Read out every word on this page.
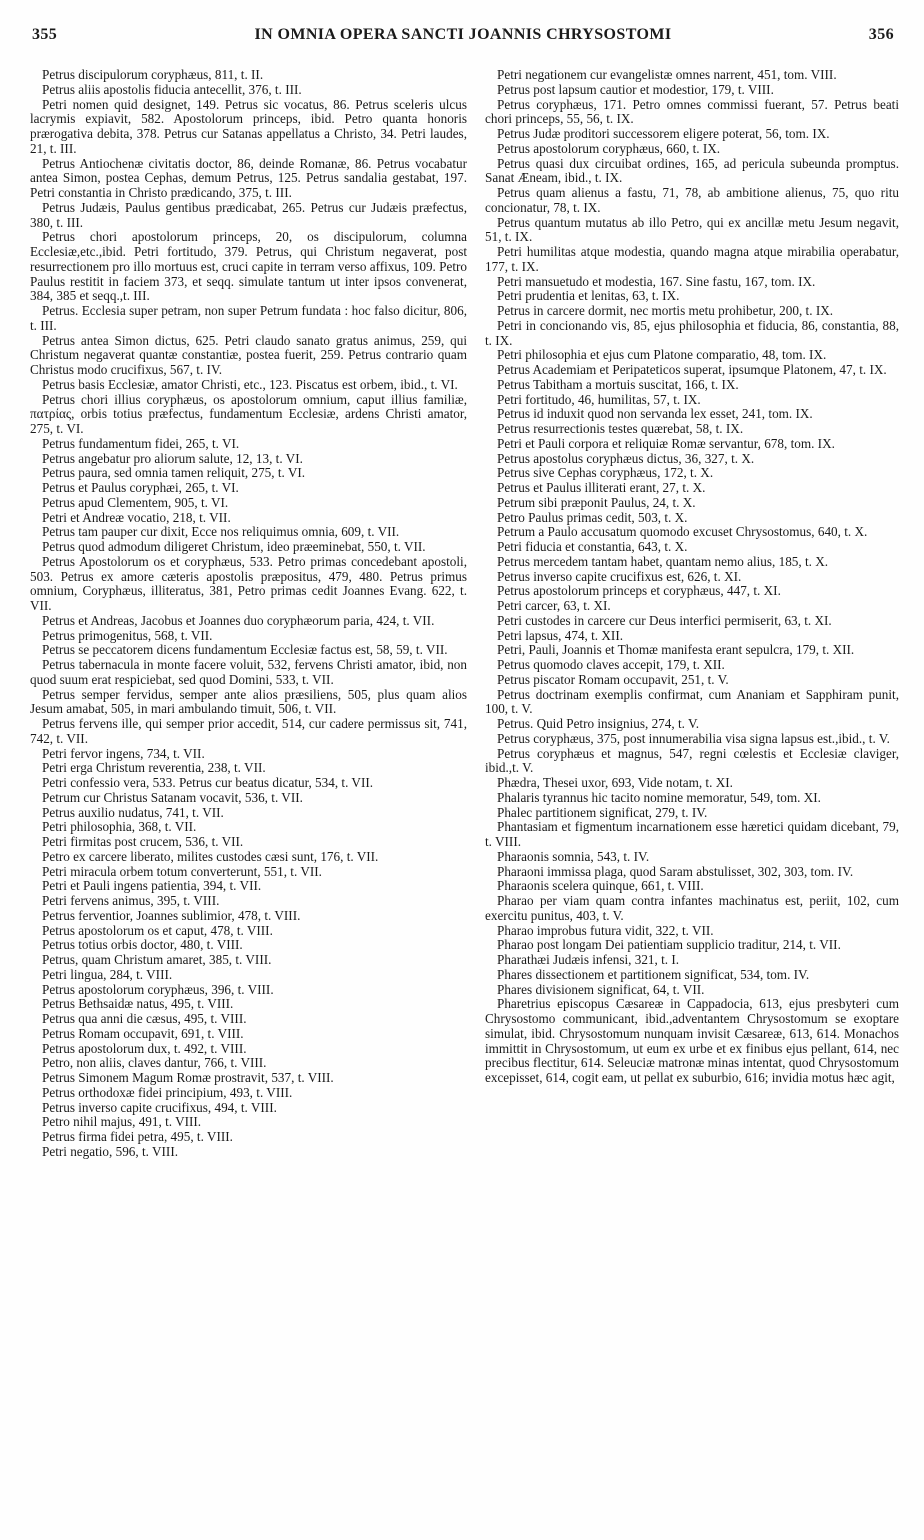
355	IN OMNIA OPERA SANCTI JOANNIS CHRYSOSTOMI	356

Petrus discipulorum coryphæus, 811, t. II.

Petrus aliis apostolis fiducia antecellit, 376, t. III.

Petri nomen quid designet, 149. Petrus sic vocatus, 86. Petrus sceleris ulcus lacrymis expiavit, 582. Apostolorum princeps, ibid. Petro quanta honoris prærogativa debita, 378. Petrus cur Satanas appellatus a Christo, 34. Petri laudes, 21, t. III.

Petrus Antiochenæ civitatis doctor, 86, deinde Romanæ, 86. Petrus vocabatur antea Simon, postea Cephas, demum Petrus, 125. Petrus sandalia gestabat, 197. Petri constantia in Christo prædicando, 375, t. III.

Petrus Judæis, Paulus gentibus prædicabat, 265. Petrus cur Judæis præfectus, 380, t. III.

Petrus chori apostolorum princeps, 20, os discipulorum, columna Ecclesiæ,etc.,ibid. Petri fortitudo, 379. Petrus, qui Christum negaverat, post resurrectionem pro illo mortuus est, cruci capite in terram verso affixus, 109. Petro Paulus restitit in faciem 373, et seqq. simulate tantum ut inter ipsos convenerat, 384, 385 et seqq.,t. III.

Petrus. Ecclesia super petram, non super Petrum fundata : hoc falso dicitur, 806, t. III.

Petrus antea Simon dictus, 625. Petri claudo sanato gratus animus, 259, qui Christum negaverat quantæ constantiæ, postea fuerit, 259. Petrus contrario quam Christus modo crucifixus, 567, t. IV.

Petrus basis Ecclesiæ, amator Christi, etc., 123. Piscatus est orbem, ibid., t. VI.

Petrus chori illius coryphæus, os apostolorum omnium, caput illius familiæ, πατρίας, orbis totius præfectus, fundamentum Ecclesiæ, ardens Christi amator, 275, t. VI.

Petrus fundamentum fidei, 265, t. VI.

Petrus angebatur pro aliorum salute, 12, 13, t. VI.

Petrus paura, sed omnia tamen reliquit, 275, t. VI.

Petrus et Paulus coryphæi, 265, t. VI.

Petrus apud Clementem, 905, t. VI.

Petri et Andreæ vocatio, 218, t. VII.

Petrus tam pauper cur dixit, Ecce nos reliquimus omnia, 609, t. VII.

Petrus quod admodum diligeret Christum, ideo præeminebat, 550, t. VII.

Petrus Apostolorum os et coryphæus, 533. Petro primas concedebant apostoli, 503. Petrus ex amore cæteris apostolis præpositus, 479, 480. Petrus primus omnium, Coryphæus, illiteratus, 381, Petro primas cedit Joannes Evang. 622, t. VII.

Petrus et Andreas, Jacobus et Joannes duo coryphæorum paria, 424, t. VII.

Petrus primogenitus, 568, t. VII.

Petrus se peccatorem dicens fundamentum Ecclesiæ factus est, 58, 59, t. VII.

Petrus tabernacula in monte facere voluit, 532, fervens Christi amator, ibid, non quod suum erat respiciebat, sed quod Domini, 533, t. VII.

Petrus semper fervidus, semper ante alios præsiliens, 505, plus quam alios Jesum amabat, 505, in mari ambulando timuit, 506, t. VII.

Petrus fervens ille, qui semper prior accedit, 514, cur cadere permissus sit, 741, 742, t. VII.

Petri fervor ingens, 734, t. VII.

Petri erga Christum reverentia, 238, t. VII.

Petri confessio vera, 533. Petrus cur beatus dicatur, 534, t. VII.

Petrum cur Christus Satanam vocavit, 536, t. VII.

Petrus auxilio nudatus, 741, t. VII.

Petri philosophia, 368, t. VII.

Petri firmitas post crucem, 536, t. VII.

Petro ex carcere liberato, milites custodes cæsi sunt, 176, t. VII.

Petri miracula orbem totum converterunt, 551, t. VII.

Petri et Pauli ingens patientia, 394, t. VII.

Petri fervens animus, 395, t. VIII.

Petrus ferventior, Joannes sublimior, 478, t. VIII.

Petrus apostolorum os et caput, 478, t. VIII.

Petrus totius orbis doctor, 480, t. VIII.

Petrus, quam Christum amaret, 385, t. VIII.

Petri lingua, 284, t. VIII.

Petrus apostolorum coryphæus, 396, t. VIII.

Petrus Bethsaidæ natus, 495, t. VIII.

Petrus qua anni die cæsus, 495, t. VIII.

Petrus Romam occupavit, 691, t. VIII.

Petrus apostolorum dux, t. 492, t. VIII.

Petro, non aliis, claves dantur, 766, t. VIII.

Petrus Simonem Magum Romæ prostravit, 537, t. VIII.

Petrus orthodoxæ fidei principium, 493, t. VIII.

Petrus inverso capite crucifixus, 494, t. VIII.

Petro nihil majus, 491, t. VIII.

Petrus firma fidei petra, 495, t. VIII.

Petri negatio, 596, t. VIII.

Petri negationem cur evangelistæ omnes narrent, 451, tom. VIII.

Petrus post lapsum cautior et modestior, 179, t. VIII.

Petrus coryphæus, 171. Petro omnes commissi fuerant, 57. Petrus beati chori princeps, 55, 56, t. IX.

Petrus Judæ proditori successorem eligere poterat, 56, tom. IX.

Petrus apostolorum coryphæus, 660, t. IX.

Petrus quasi dux circuibat ordines, 165, ad pericula subeunda promptus. Sanat Æneam, ibid., t. IX.

Petrus quam alienus a fastu, 71, 78, ab ambitione alienus, 75, quo ritu concionatur, 78, t. IX.

Petrus quantum mutatus ab illo Petro, qui ex ancillæ metu Jesum negavit, 51, t. IX.

Petri humilitas atque modestia, quando magna atque mirabilia operabatur, 177, t. IX.

Petri mansuetudo et modestia, 167. Sine fastu, 167, tom. IX.

Petri prudentia et lenitas, 63, t. IX.

Petrus in carcere dormit, nec mortis metu prohibetur, 200, t. IX.

Petri in concionando vis, 85, ejus philosophia et fiducia, 86, constantia, 88, t. IX.

Petri philosophia et ejus cum Platone comparatio, 48, tom. IX.

Petrus Academiam et Peripateticos superat, ipsumque Platonem, 47, t. IX.

Petrus Tabitham a mortuis suscitat, 166, t. IX.

Petri fortitudo, 46, humilitas, 57, t. IX.

Petrus id induxit quod non servanda lex esset, 241, tom. IX.

Petrus resurrectionis testes quærebat, 58, t. IX.

Petri et Pauli corpora et reliquiæ Romæ servantur, 678, tom. IX.

Petrus apostolus coryphæus dictus, 36, 327, t. X.

Petrus sive Cephas coryphæus, 172, t. X.

Petrus et Paulus illiterati erant, 27, t. X.

Petrum sibi præponit Paulus, 24, t. X.

Petro Paulus primas cedit, 503, t. X.

Petrum a Paulo accusatum quomodo excuset Chrysostomus, 640, t. X.

Petri fiducia et constantia, 643, t. X.

Petrus mercedem tantam habet, quantam nemo alius, 185, t. X.

Petrus inverso capite crucifixus est, 626, t. XI.

Petrus apostolorum princeps et coryphæus, 447, t. XI.

Petri carcer, 63, t. XI.

Petri custodes in carcere cur Deus interfici permiserit, 63, t. XI.

Petri lapsus, 474, t. XII.

Petri, Pauli, Joannis et Thomæ manifesta erant sepulcra, 179, t. XII.

Petrus quomodo claves accepit, 179, t. XII.

Petrus piscator Romam occupavit, 251, t. V.

Petrus doctrinam exemplis confirmat, cum Ananiam et Sapphiram punit, 100, t. V.

Petrus. Quid Petro insignius, 274, t. V.

Petrus coryphæus, 375, post innumerabilia visa signa lapsus est.,ibid., t. V.

Petrus coryphæus et magnus, 547, regni cœlestis et Ecclesiæ claviger, ibid.,t. V.

Phædra, Thesei uxor, 693, Vide notam, t. XI.

Phalaris tyrannus hic tacito nomine memoratur, 549, tom. XI.

Phalec partitionem significat, 279, t. IV.

Phantasiam et figmentum incarnationem esse hæretici quidam dicebant, 79, t. VIII.

Pharaonis somnia, 543, t. IV.

Pharaoni immissa plaga, quod Saram abstulisset, 302, 303, tom. IV.

Pharaonis scelera quinque, 661, t. VIII.

Pharao per viam quam contra infantes machinatus est, periit, 102, cum exercitu punitus, 403, t. V.

Pharao improbus futura vidit, 322, t. VII.

Pharao post longam Dei patientiam supplicio traditur, 214, t. VII.

Pharathæi Judæis infensi, 321, t. I.

Phares dissectionem et partitionem significat, 534, tom. IV.

Phares divisionem significat, 64, t. VII.

Pharetrius episcopus Cæsareæ in Cappadocia, 613, ejus presbyteri cum Chrysostomo communicant, ibid.,adventantem Chrysostomum se exoptare simulat, ibid. Chrysostomum nunquam invisit Cæsareæ, 613, 614. Monachos immittit in Chrysostomum, ut eum ex urbe et ex finibus ejus pellant, 614, nec precibus flectitur, 614. Seleuciæ matronæ minas intentat, quod Chrysostomum excepisset, 614, cogit eam, ut pellat ex suburbio, 616; invidia motus hæc agit,
